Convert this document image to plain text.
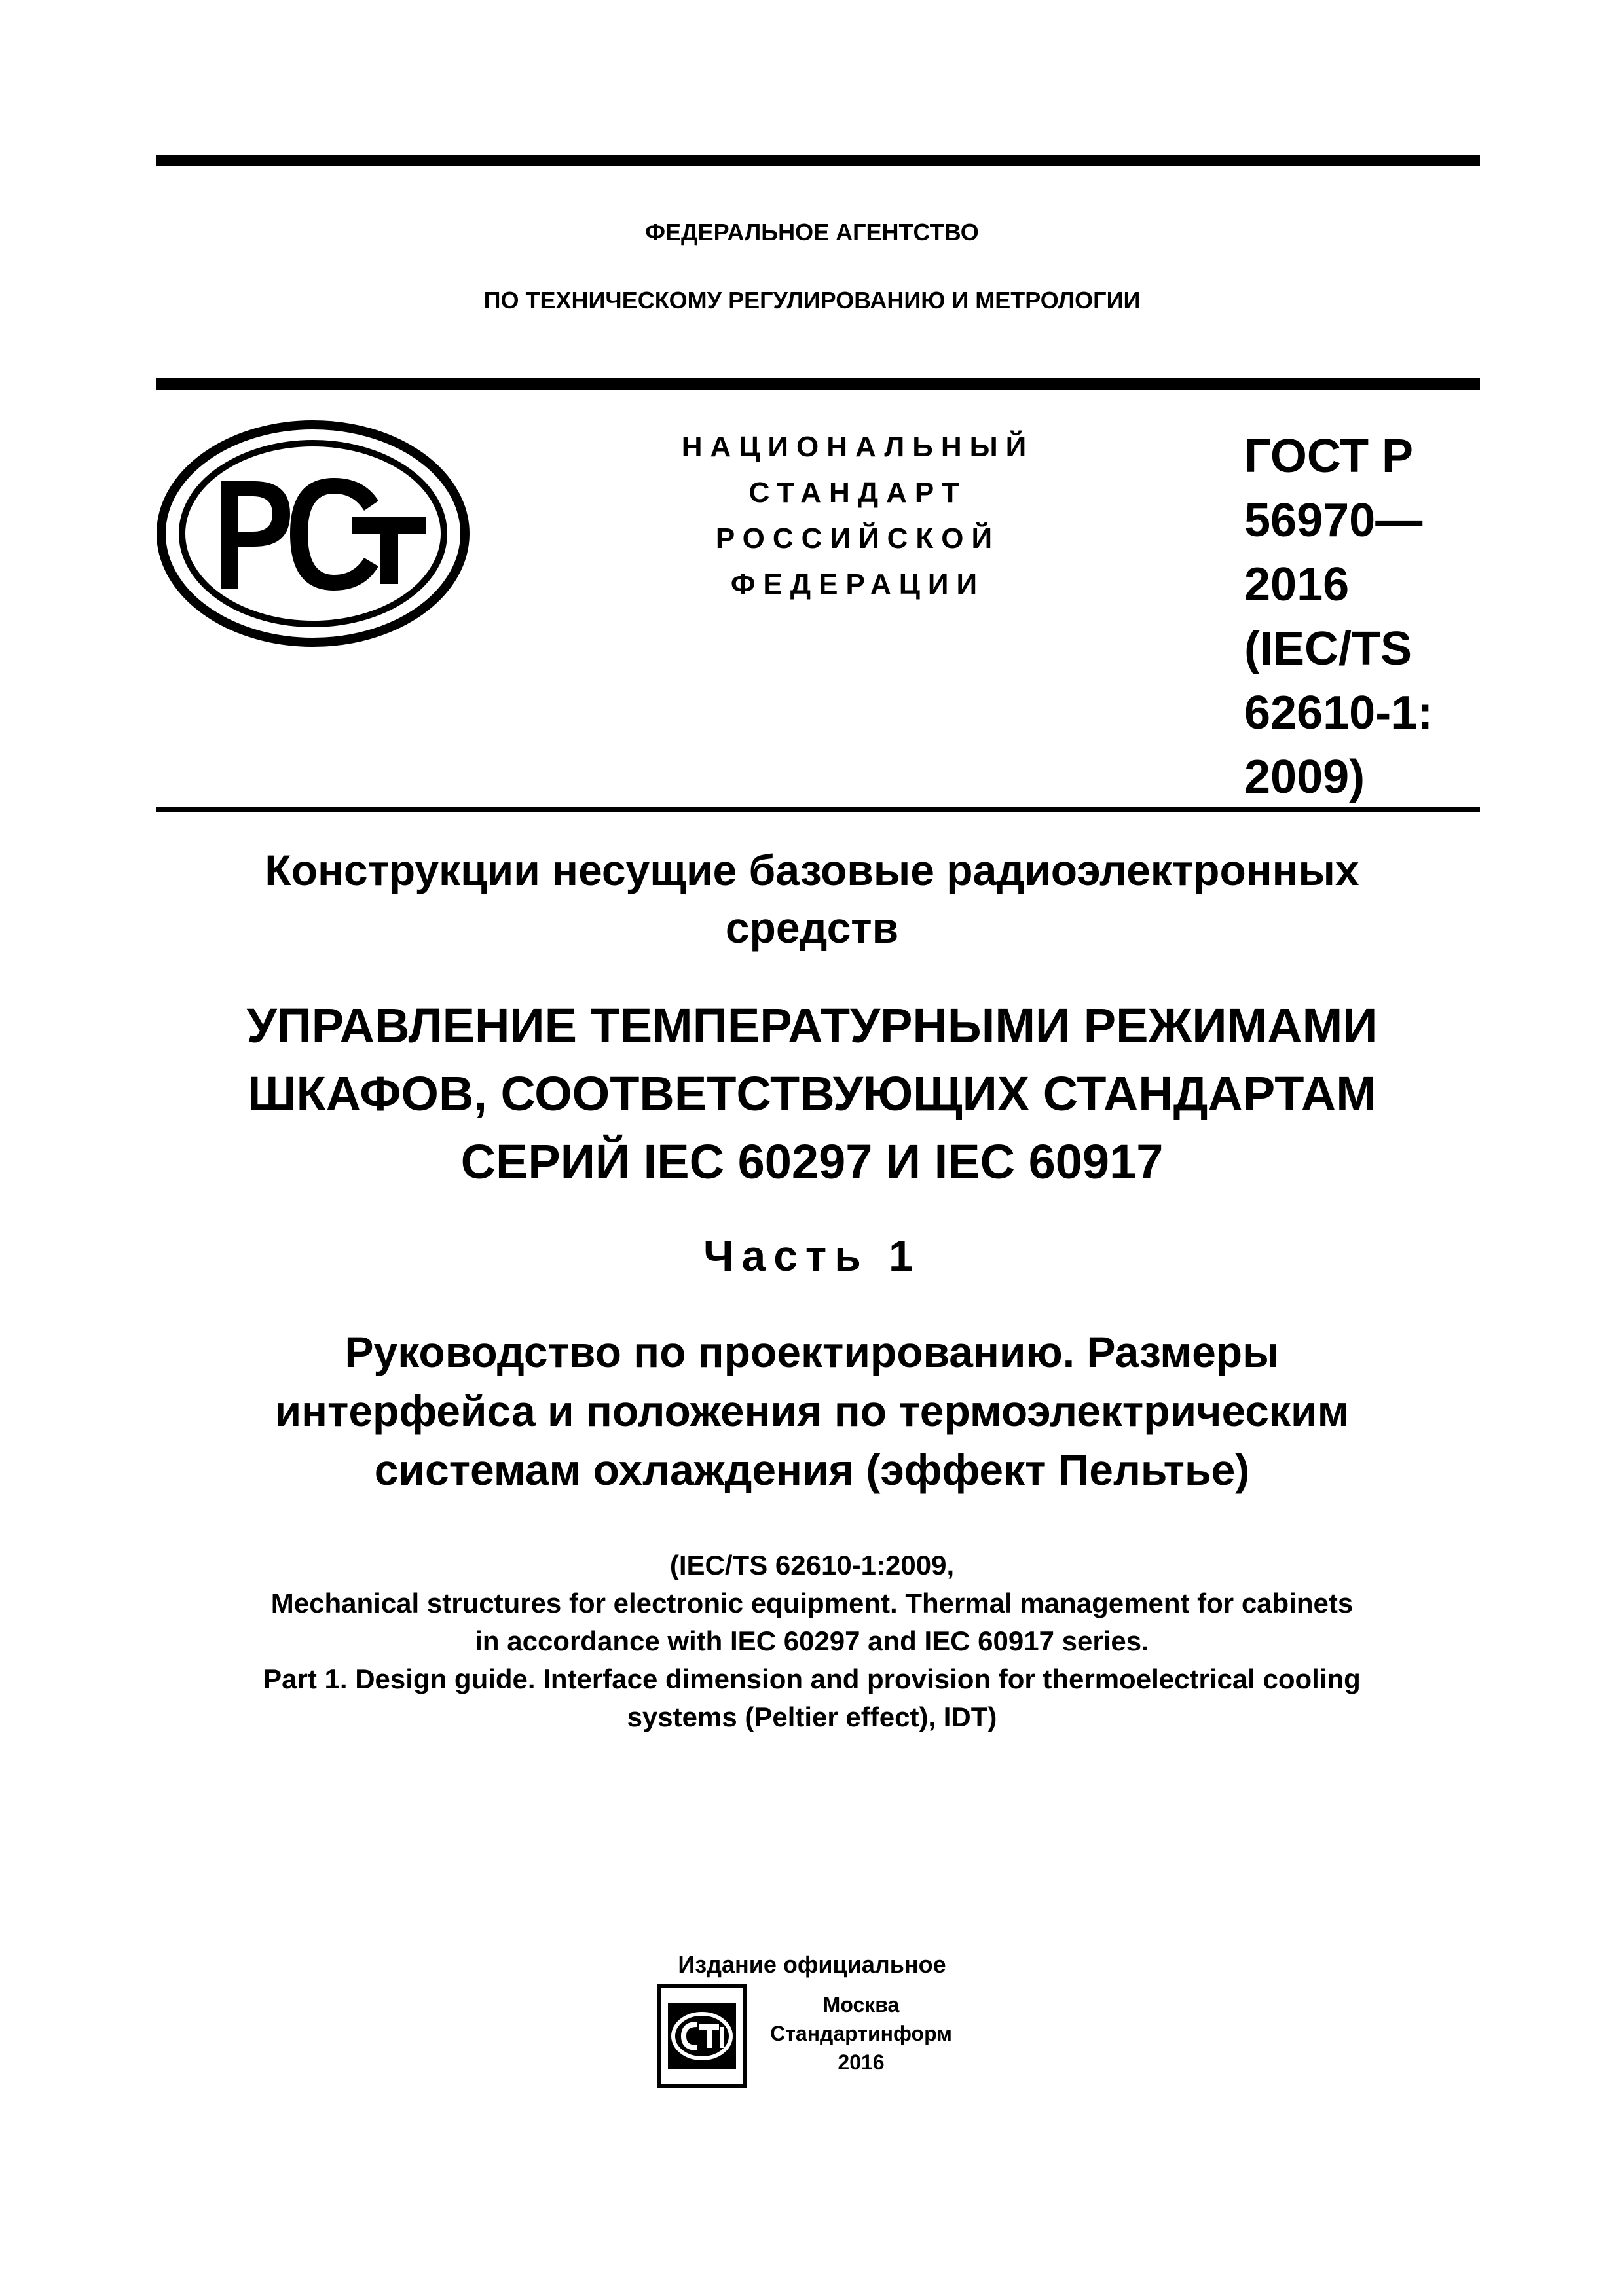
ФЕДЕРАЛЬНОЕ АГЕНТСТВО
ПО ТЕХНИЧЕСКОМУ РЕГУЛИРОВАНИЮ И МЕТРОЛОГИИ
НАЦИОНАЛЬНЫЙ
СТАНДАРТ
РОССИЙСКОЙ
ФЕДЕРАЦИИ
ГОСТ Р
56970—
2016
(IEC/TS
62610-1:
2009)
Конструкции несущие базовые радиоэлектронных
средств
УПРАВЛЕНИЕ ТЕМПЕРАТУРНЫМИ РЕЖИМАМИ
ШКАФОВ, СООТВЕТСТВУЮЩИХ СТАНДАРТАМ
СЕРИЙ IEC 60297 И IEC 60917
Часть 1
Руководство по проектированию. Размеры
интерфейса и положения по термоэлектрическим
системам охлаждения (эффект Пельтье)
(IEC/TS 62610-1:2009,
Mechanical structures for electronic equipment. Thermal management for cabinets
in accordance with IEC 60297 and IEC 60917 series.
Part 1. Design guide. Interface dimension and provision for thermoelectrical cooling
systems (Peltier effect), IDT)
Издание официальное
Москва
Стандартинформ
2016
